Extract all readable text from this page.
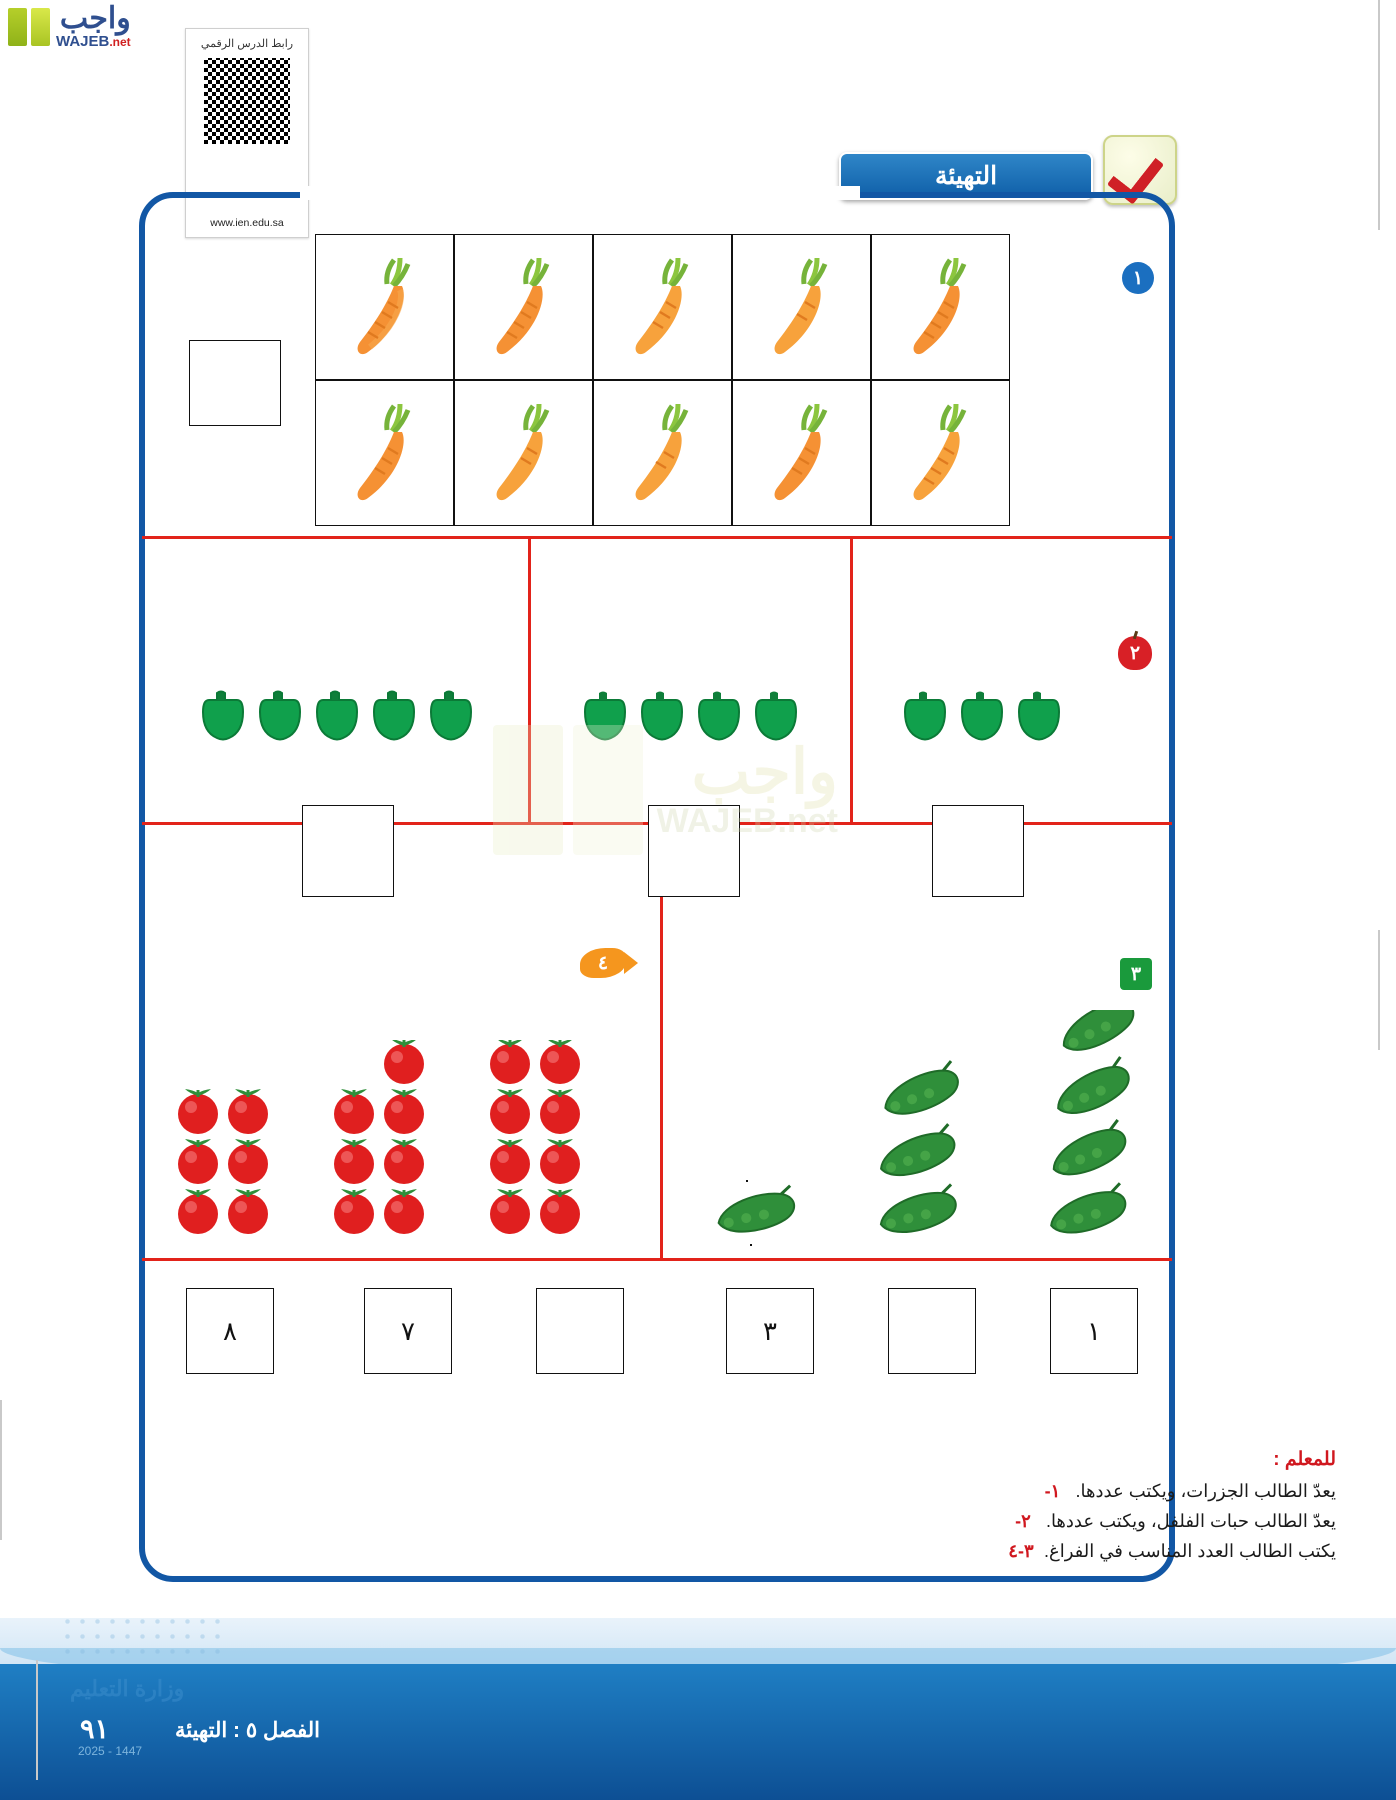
واجب
WAJEB.net	رابط الدرس الرقمي
www.ien.edu.sa
التهيئة
١
٢
٣
٤
٣	١
٨	٧
واجب
WAJEB.net
للمعلم :
يعدّ الطالب الجزرات، ويكتب عددها. ١-
يعدّ الطالب حبات الفلفل، ويكتب عددها. ٢-
يكتب الطالب العدد المناسب في الفراغ. ٣-٤
وزارة التعليم
1447 - 2025
٩١	الفصل ٥ : التهيئة
